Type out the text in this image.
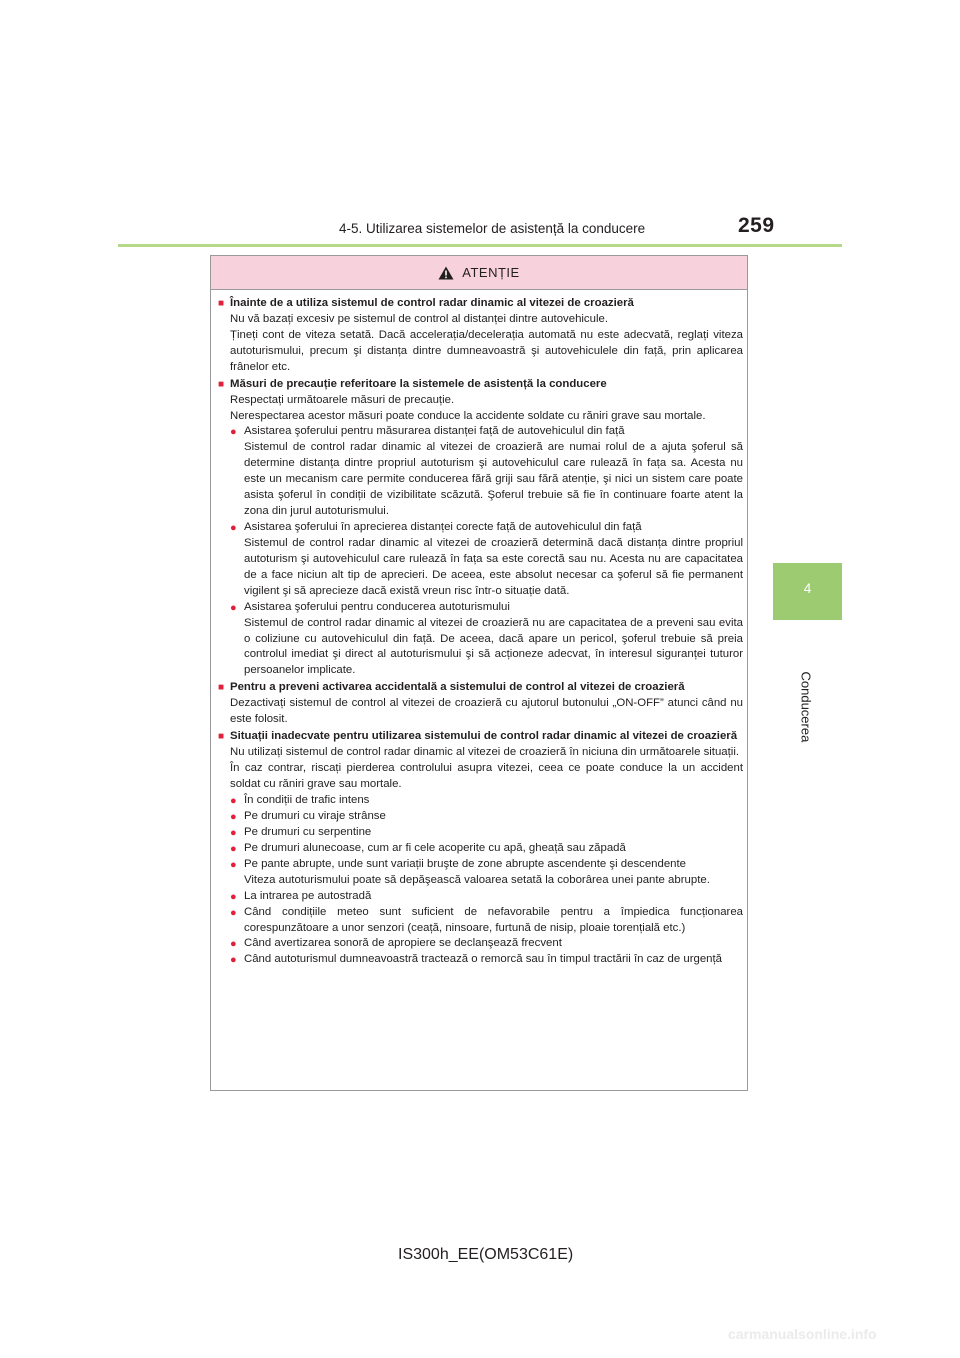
4-5. Utilizarea sistemelor de asistență la conducere	259
4
Conducerea
ATENȚIE
■ Înainte de a utiliza sistemul de control radar dinamic al vitezei de croazieră
Nu vă bazați excesiv pe sistemul de control al distanței dintre autovehicule.
Țineți cont de viteza setată. Dacă accelerația/decelerația automată nu este adecvată, reglați viteza autoturismului, precum şi distanța dintre dumneavoastră şi autovehiculele din față, prin aplicarea frânelor etc.
■ Măsuri de precauție referitoare la sistemele de asistență la conducere
Respectați următoarele măsuri de precauție.
Nerespectarea acestor măsuri poate conduce la accidente soldate cu răniri grave sau mortale.
● Asistarea şoferului pentru măsurarea distanței față de autovehiculul din față
Sistemul de control radar dinamic al vitezei de croazieră are numai rolul de a ajuta şoferul să determine distanța dintre propriul autoturism şi autovehiculul care rulează în fața sa. Acesta nu este un mecanism care permite conducerea fără griji sau fără atenție, şi nici un sistem care poate asista şoferul în condiții de vizibilitate scăzută. Şoferul trebuie să fie în continuare foarte atent la zona din jurul autoturismului.
● Asistarea şoferului în aprecierea distanței corecte față de autovehiculul din față
Sistemul de control radar dinamic al vitezei de croazieră determină dacă distanța dintre propriul autoturism şi autovehiculul care rulează în fața sa este corectă sau nu. Acesta nu are capacitatea de a face niciun alt tip de aprecieri. De aceea, este absolut necesar ca şoferul să fie permanent vigilent şi să aprecieze dacă există vreun risc într-o situație dată.
● Asistarea şoferului pentru conducerea autoturismului
Sistemul de control radar dinamic al vitezei de croazieră nu are capacitatea de a preveni sau evita o coliziune cu autovehiculul din față. De aceea, dacă apare un pericol, şoferul trebuie să preia controlul imediat şi direct al autoturismului şi să acționeze adecvat, în interesul siguranței tuturor persoanelor implicate.
■ Pentru a preveni activarea accidentală a sistemului de control al vitezei de croazieră
Dezactivați sistemul de control al vitezei de croazieră cu ajutorul butonului „ON-OFF” atunci când nu este folosit.
■ Situații inadecvate pentru utilizarea sistemului de control radar dinamic al vitezei de croazieră
Nu utilizați sistemul de control radar dinamic al vitezei de croazieră în niciuna din următoarele situații.
În caz contrar, riscați pierderea controlului asupra vitezei, ceea ce poate conduce la un accident soldat cu răniri grave sau mortale.
● În condiții de trafic intens
● Pe drumuri cu viraje strânse
● Pe drumuri cu serpentine
● Pe drumuri alunecoase, cum ar fi cele acoperite cu apă, gheață sau zăpadă
● Pe pante abrupte, unde sunt variații bruşte de zone abrupte ascendente şi descendente
Viteza autoturismului poate să depăşească valoarea setată la coborârea unei pante abrupte.
● La intrarea pe autostradă
● Când condițiile meteo sunt suficient de nefavorabile pentru a împiedica funcționarea corespunzătoare a unor senzori (ceață, ninsoare, furtună de nisip, ploaie torențială etc.)
● Când avertizarea sonoră de apropiere se declanşează frecvent
● Când autoturismul dumneavoastră tractează o remorcă sau în timpul tractării în caz de urgență
IS300h_EE(OM53C61E)
carmanualsonline.info
